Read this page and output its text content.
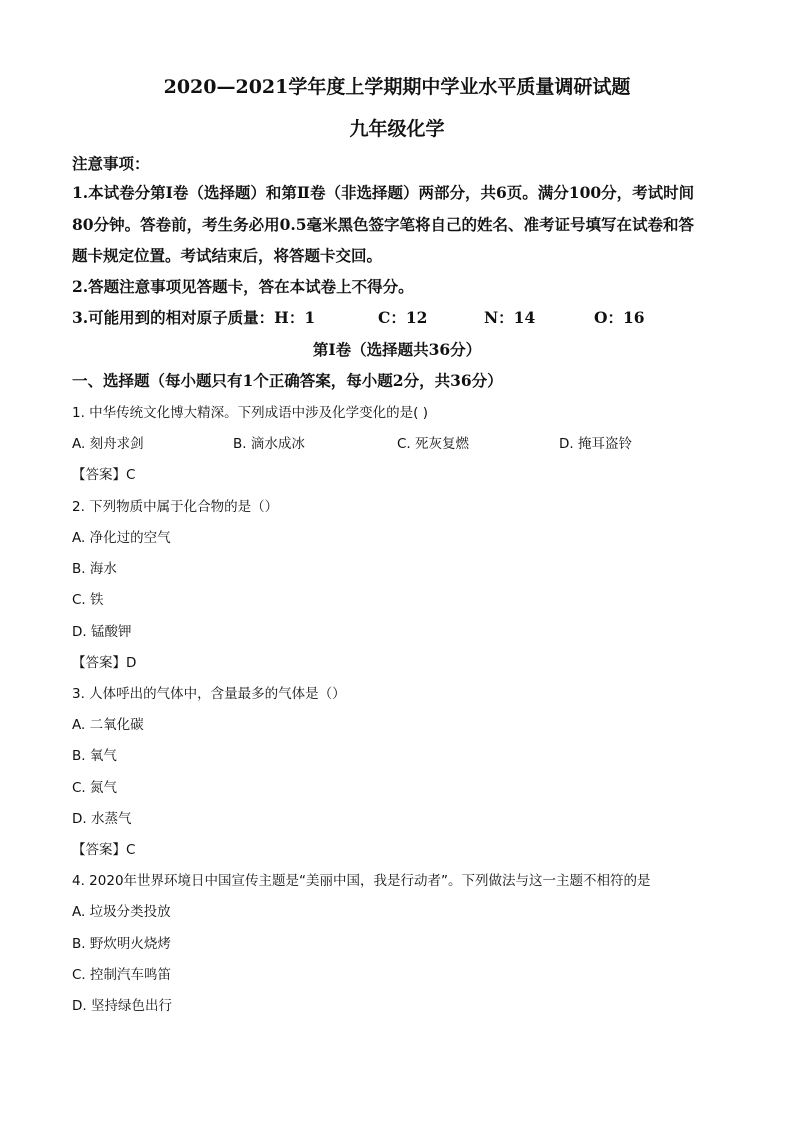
2020—2021学年度上学期期中学业水平质量调研试题
九年级化学
注意事项：
1.本试卷分第Ⅰ卷（选择题）和第Ⅱ卷（非选择题）两部分，共6页。满分100分，考试时间
80分钟。答卷前，考生务必用0.5毫米黑色签字笔将自己的姓名、准考证号填写在试卷和答
题卡规定位置。考试结束后，将答题卡交回。
2.答题注意事项见答题卡，答在本试卷上不得分。
3.可能用到的相对原子质量：H：1	C：12	N：14	O：16
第Ⅰ卷（选择题共36分）
一、选择题（每小题只有1个正确答案，每小题2分，共36分）
1. 中华传统文化博大精深。下列成语中涉及化学变化的是( )
A. 刻舟求剑	B. 滴水成冰	C. 死灰复燃	D. 掩耳盗铃
【答案】C
2. 下列物质中属于化合物的是（）
A. 净化过的空气
B. 海水
C. 铁
D. 锰酸钾
【答案】D
3. 人体呼出的气体中，含量最多的气体是（）
A. 二氧化碳
B. 氧气
C. 氮气
D. 水蒸气
【答案】C
4. 2020年世界环境日中国宣传主题是“美丽中国，我是行动者”。下列做法与这一主题不相符的是
A. 垃圾分类投放
B. 野炊明火烧烤
C. 控制汽车鸣笛
D. 坚持绿色出行
